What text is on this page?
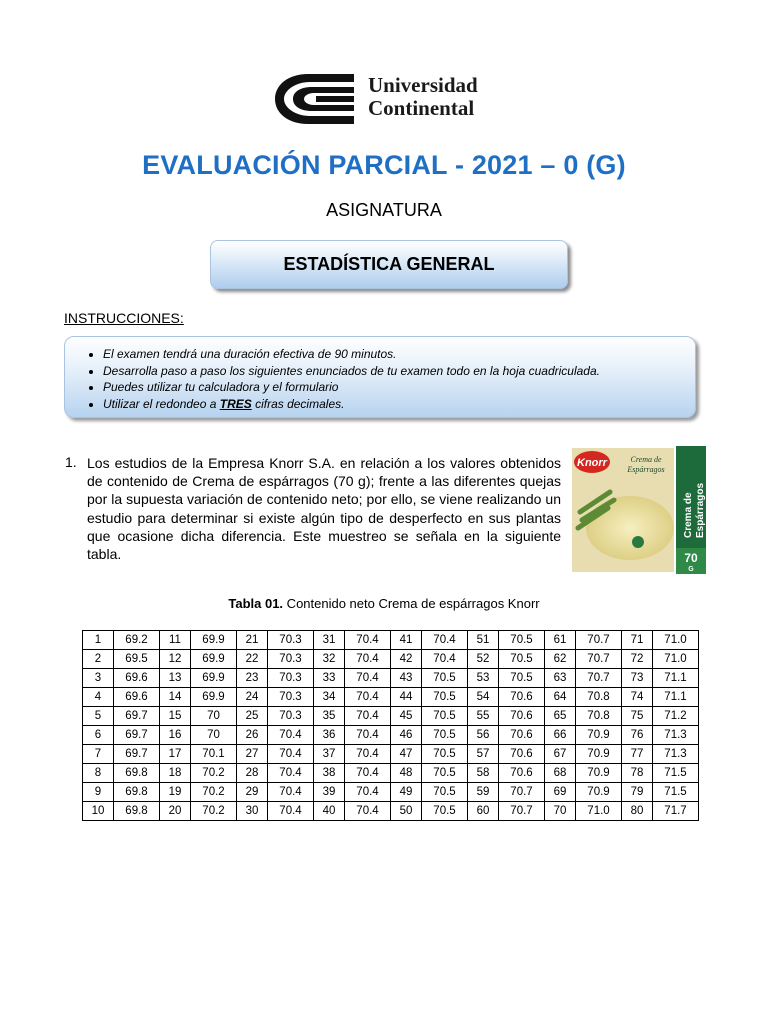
Universidad
Continental
EVALUACIÓN PARCIAL - 2021 – 0 (G)
ASIGNATURA
ESTADÍSTICA GENERAL
INSTRUCCIONES:
• El examen tendrá una duración efectiva de 90 minutos.
• Desarrolla paso a paso los siguientes enunciados de tu examen todo en la hoja cuadriculada.
• Puedes utilizar tu calculadora y el formulario
• Utilizar el redondeo a TRES cifras decimales.
1. Los estudios de la Empresa Knorr S.A. en relación a los valores obtenidos de contenido de Crema de espárragos (70 g); frente a las diferentes quejas por la supuesta variación de contenido neto; por ello, se viene realizando un estudio para determinar si existe algún tipo de desperfecto en sus plantas que ocasione dicha diferencia. Este muestreo se señala en la siguiente tabla.
Knorr	Crema de
Espárragos
Crema de Espárragos
70
G
Tabla 01. Contenido neto Crema de espárragos Knorr
1	69.2	11	69.9	21	70.3	31	70.4	41	70.4	51	70.5	61	70.7	71	71.0
2	69.5	12	69.9	22	70.3	32	70.4	42	70.4	52	70.5	62	70.7	72	71.0
3	69.6	13	69.9	23	70.3	33	70.4	43	70.5	53	70.5	63	70.7	73	71.1
4	69.6	14	69.9	24	70.3	34	70.4	44	70.5	54	70.6	64	70.8	74	71.1
5	69.7	15	70	25	70.3	35	70.4	45	70.5	55	70.6	65	70.8	75	71.2
6	69.7	16	70	26	70.4	36	70.4	46	70.5	56	70.6	66	70.9	76	71.3
7	69.7	17	70.1	27	70.4	37	70.4	47	70.5	57	70.6	67	70.9	77	71.3
8	69.8	18	70.2	28	70.4	38	70.4	48	70.5	58	70.6	68	70.9	78	71.5
9	69.8	19	70.2	29	70.4	39	70.4	49	70.5	59	70.7	69	70.9	79	71.5
10	69.8	20	70.2	30	70.4	40	70.4	50	70.5	60	70.7	70	71.0	80	71.7
